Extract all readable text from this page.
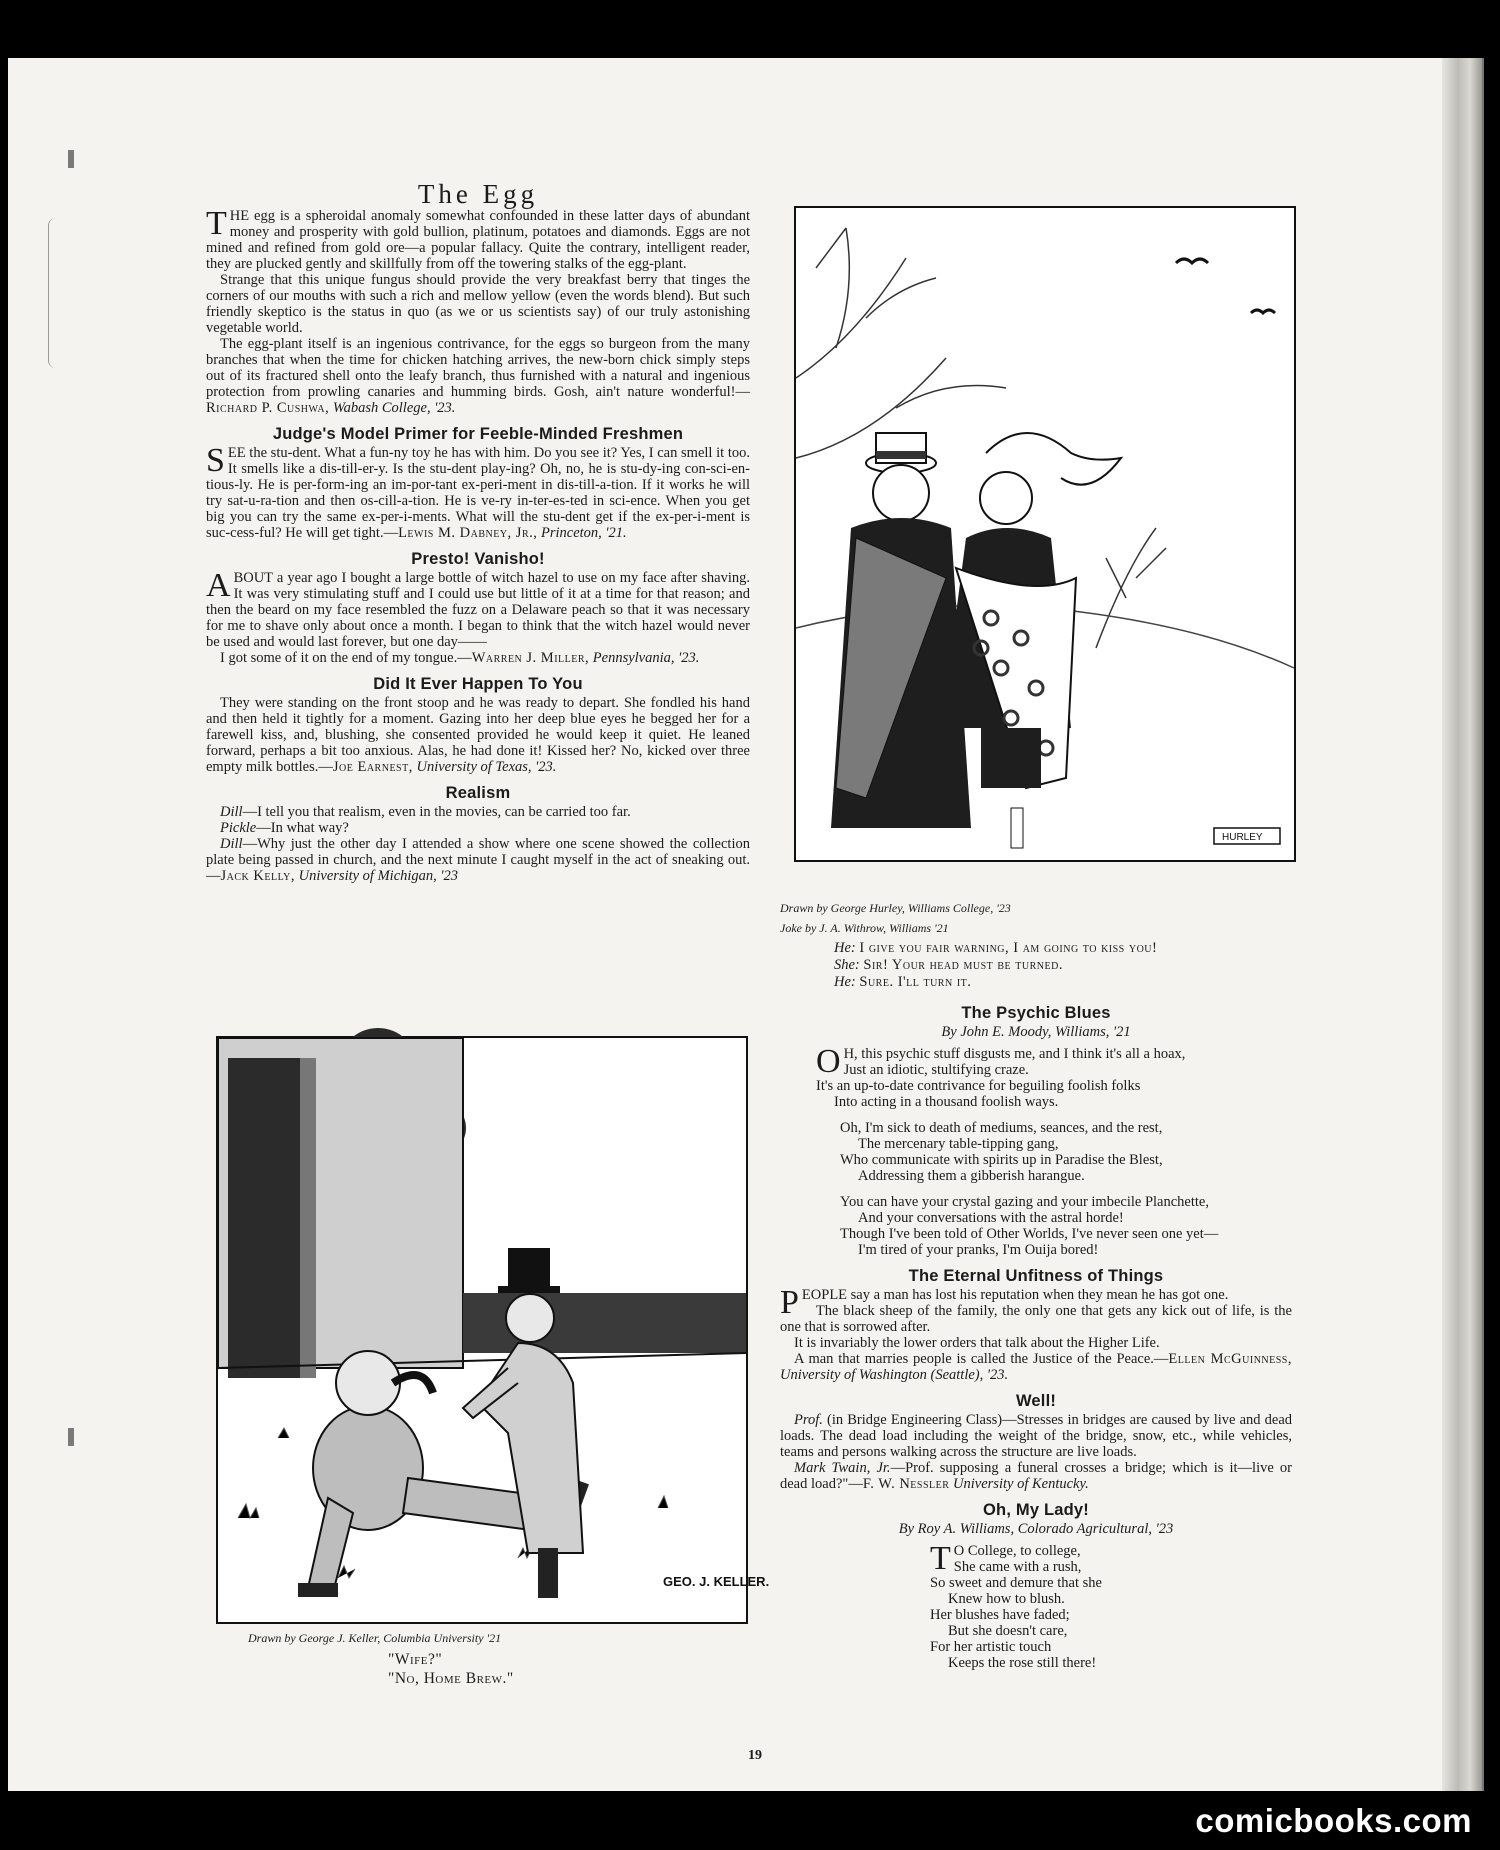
The Egg

THE egg is a spheroidal anomaly somewhat confounded in these latter days of abundant money and prosperity with gold bullion, platinum, potatoes and diamonds. Eggs are not mined and refined from gold ore—a popular fallacy. Quite the contrary, intelligent reader, they are plucked gently and skillfully from off the towering stalks of the egg-plant.

Strange that this unique fungus should provide the very breakfast berry that tinges the corners of our mouths with such a rich and mellow yellow (even the words blend). But such friendly skeptico is the status in quo (as we or us scientists say) of our truly astonishing vegetable world.

The egg-plant itself is an ingenious contrivance, for the eggs so burgeon from the many branches that when the time for chicken hatching arrives, the new-born chick simply steps out of its fractured shell onto the leafy branch, thus furnished with a natural and ingenious protection from prowling canaries and humming birds. Gosh, ain't nature wonderful!—Richard P. Cushwa, Wabash College, '23.

Judge's Model Primer for Feeble-Minded Freshmen

SEE the stu-dent. What a fun-ny toy he has with him. Do you see it? Yes, I can smell it too. It smells like a dis-till-er-y. Is the stu-dent play-ing? Oh, no, he is stu-dy-ing con-sci-en-tious-ly. He is per-form-ing an im-por-tant ex-peri-ment in dis-till-a-tion. If it works he will try sat-u-ra-tion and then os-cill-a-tion. He is ve-ry in-ter-es-ted in sci-ence. When you get big you can try the same ex-per-i-ments. What will the stu-dent get if the ex-per-i-ment is suc-cess-ful? He will get tight.—Lewis M. Dabney, Jr., Princeton, '21.

Presto! Vanisho!

ABOUT a year ago I bought a large bottle of witch hazel to use on my face after shaving. It was very stimulating stuff and I could use but little of it at a time for that reason; and then the beard on my face resembled the fuzz on a Delaware peach so that it was necessary for me to shave only about once a month. I began to think that the witch hazel would never be used and would last forever, but one day——

I got some of it on the end of my tongue.—Warren J. Miller, Pennsylvania, '23.

Did It Ever Happen To You

They were standing on the front stoop and he was ready to depart. She fondled his hand and then held it tightly for a moment. Gazing into her deep blue eyes he begged her for a farewell kiss, and, blushing, she consented provided he would keep it quiet. He leaned forward, perhaps a bit too anxious. Alas, he had done it! Kissed her? No, kicked over three empty milk bottles.—Joe Earnest, University of Texas, '23.

Realism

Dill—I tell you that realism, even in the movies, can be carried too far.

Pickle—In what way?

Dill—Why just the other day I attended a show where one scene showed the collection plate being passed in church, and the next minute I caught myself in the act of sneaking out.—Jack Kelly, University of Michigan, '23

GEO. J. KELLER.
Drawn by George J. Keller, Columbia University '21
"Wife?"
"No, Home Brew."
HURLEY
Drawn by George Hurley, Williams College, '23
Joke by J. A. Withrow, Williams '21
He: I give you fair warning, I am going to kiss you!
She: Sir! Your head must be turned.
He: Sure. I'll turn it.
The Psychic Blues
By John E. Moody, Williams, '21
O H, this psychic stuff disgusts me, and I think it's all a hoax,
Just an idiotic, stultifying craze.
It's an up-to-date contrivance for beguiling foolish folks
Into acting in a thousand foolish ways.
Oh, I'm sick to death of mediums, seances, and the rest,
The mercenary table-tipping gang,
Who communicate with spirits up in Paradise the Blest,
Addressing them a gibberish harangue.
You can have your crystal gazing and your imbecile Planchette,
And your conversations with the astral horde!
Though I've been told of Other Worlds, I've never seen one yet—
I'm tired of your pranks, I'm Ouija bored!
The Eternal Unfitness of Things

PEOPLE say a man has lost his reputation when they mean he has got one.

The black sheep of the family, the only one that gets any kick out of life, is the one that is sorrowed after.

It is invariably the lower orders that talk about the Higher Life.

A man that marries people is called the Justice of the Peace.—Ellen McGuinness, University of Washington (Seattle), '23.

Well!

Prof. (in Bridge Engineering Class)—Stresses in bridges are caused by live and dead loads. The dead load including the weight of the bridge, snow, etc., while vehicles, teams and persons walking across the structure are live loads.

Mark Twain, Jr.—Prof. supposing a funeral crosses a bridge; which is it—live or dead load?"—F. W. Nessler University of Kentucky.

Oh, My Lady!
By Roy A. Williams, Colorado Agricultural, '23
T O College, to college,
She came with a rush,
So sweet and demure that she
Knew how to blush.
Her blushes have faded;
But she doesn't care,
For her artistic touch
Keeps the rose still there!
19
comicbooks.com
